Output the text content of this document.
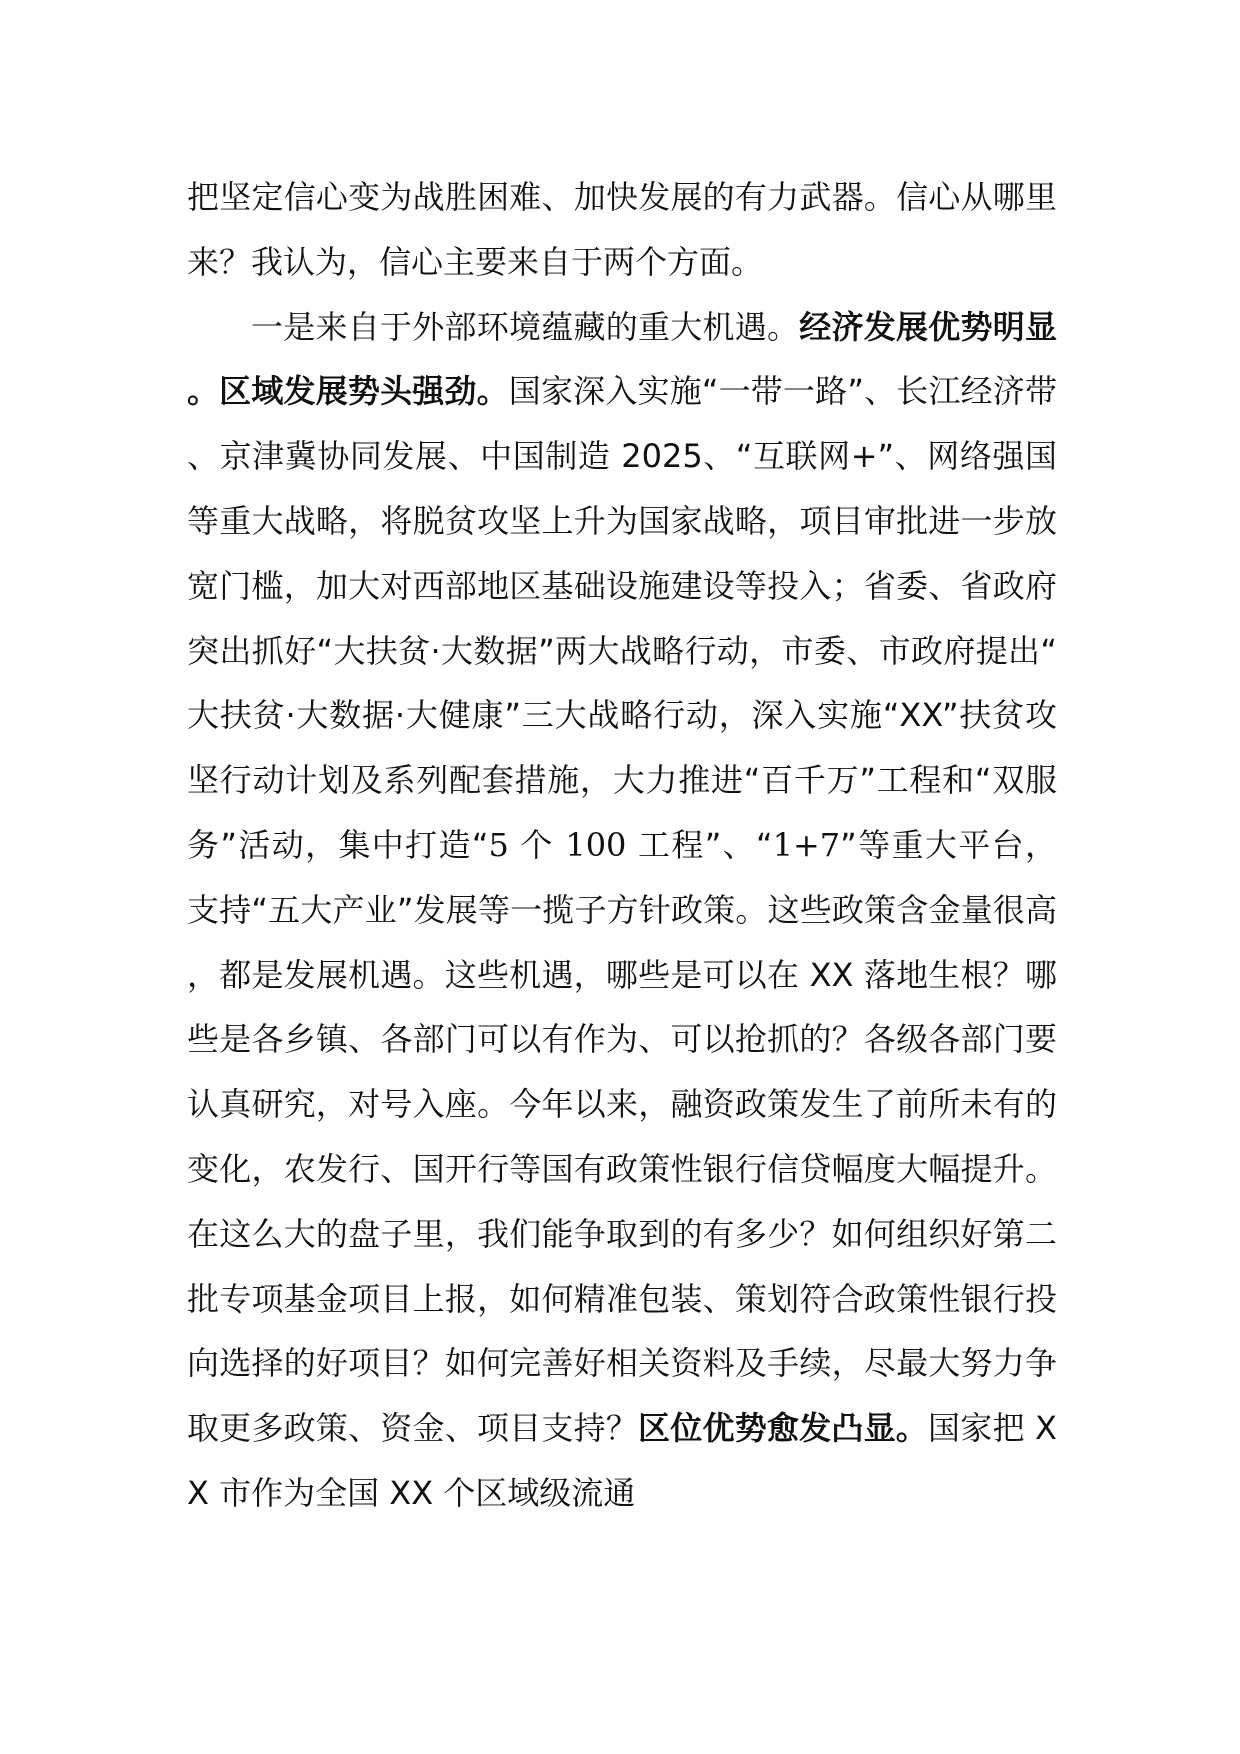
把坚定信心变为战胜困难、加快发展的有力武器。信心从哪里来？我认为，信心主要来自于两个方面。

一是来自于外部环境蕴藏的重大机遇。经济发展优势明显。区域发展势头强劲。国家深入实施“一带一路”、长江经济带、京津冀协同发展、中国制造 2025、“互联网+”、网络强国等重大战略，将脱贫攻坚上升为国家战略，项目审批进一步放宽门槛，加大对西部地区基础设施建设等投入；省委、省政府突出抓好“大扶贫·大数据”两大战略行动，市委、市政府提出“大扶贫·大数据·大健康”三大战略行动，深入实施“XX”扶贫攻坚行动计划及系列配套措施，大力推进“百千万”工程和“双服务”活动，集中打造“5 个 100 工程”、“1+7”等重大平台，支持“五大产业”发展等一揽子方针政策。这些政策含金量很高，都是发展机遇。这些机遇，哪些是可以在 XX 落地生根？哪些是各乡镇、各部门可以有作为、可以抢抓的？各级各部门要认真研究，对号入座。今年以来，融资政策发生了前所未有的变化，农发行、国开行等国有政策性银行信贷幅度大幅提升。在这么大的盘子里，我们能争取到的有多少？如何组织好第二批专项基金项目上报，如何精准包装、策划符合政策性银行投向选择的好项目？如何完善好相关资料及手续，尽最大努力争取更多政策、资金、项目支持？区位优势愈发凸显。国家把 XX 市作为全国 XX 个区域级流通
